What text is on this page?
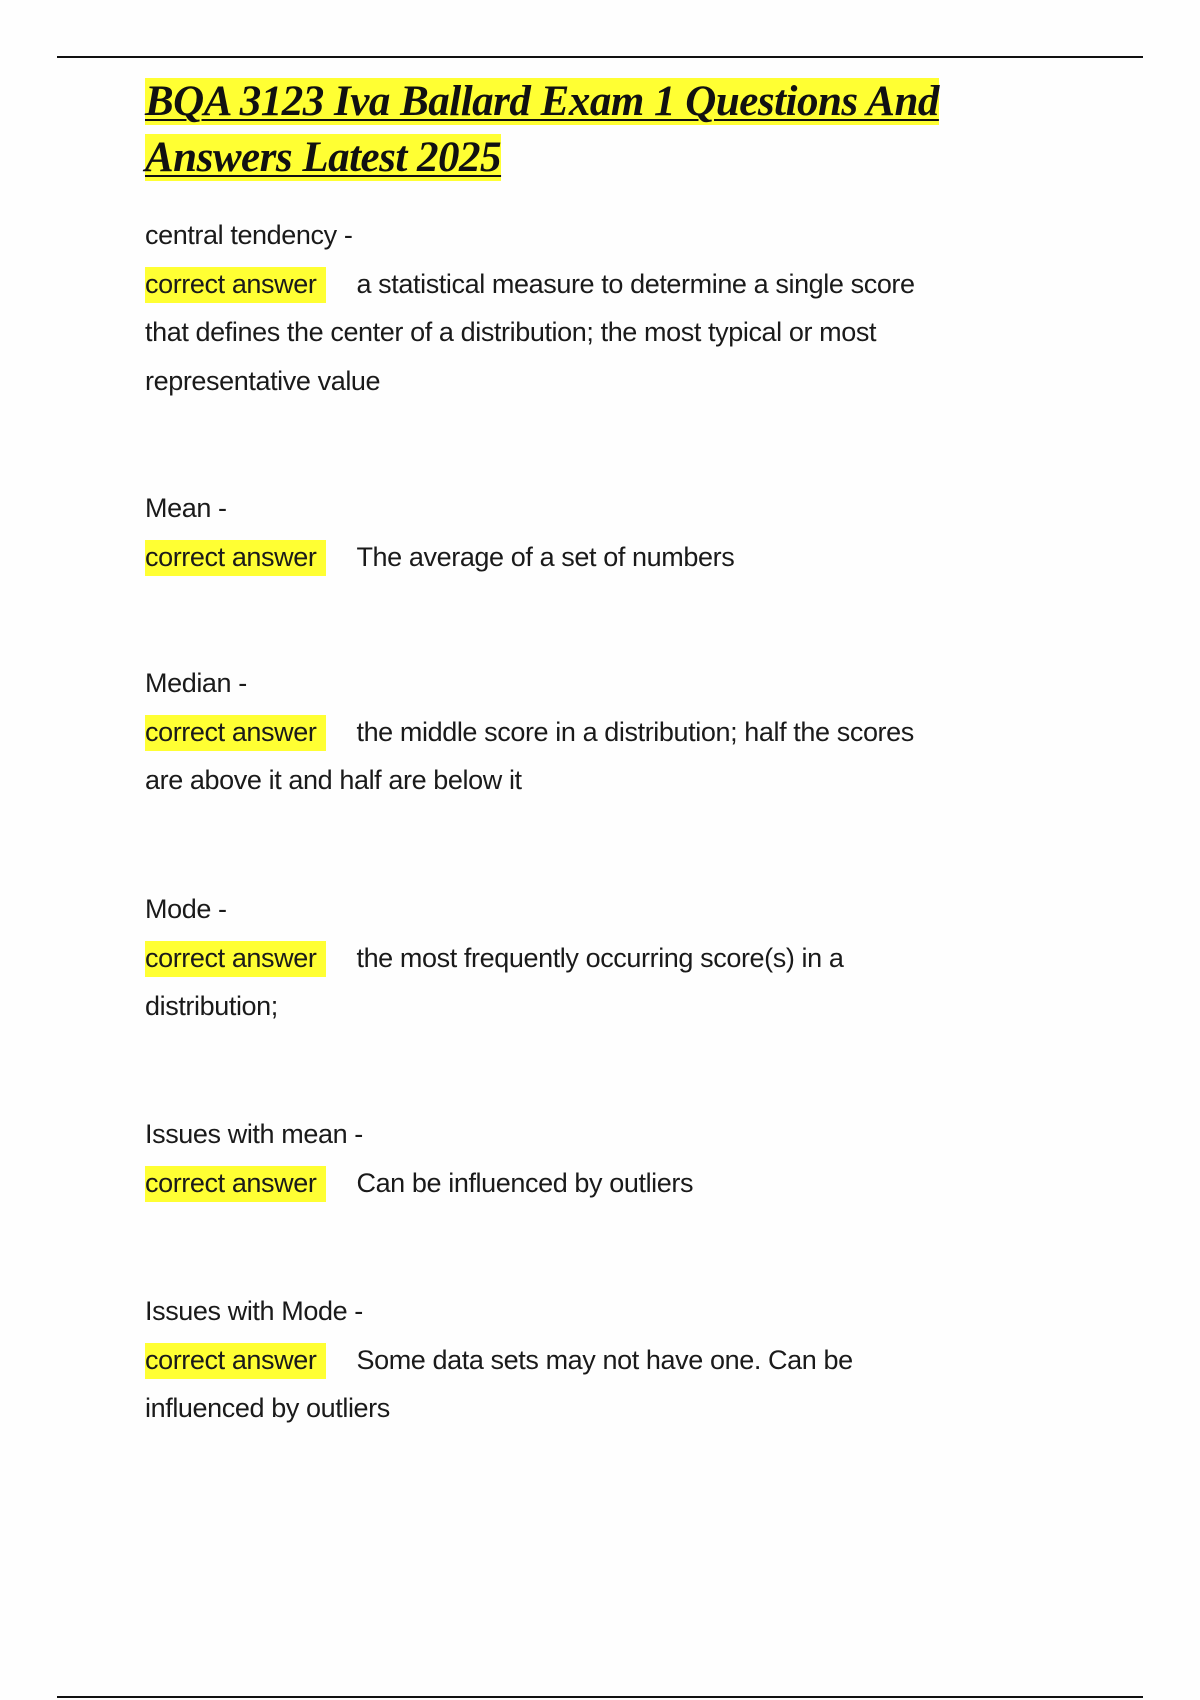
BQA 3123 Iva Ballard Exam 1 Questions And
Answers Latest 2025
central tendency -
correct answer a statistical measure to determine a single score
that defines the center of a distribution; the most typical or most
representative value
Mean -
correct answer The average of a set of numbers
Median -
correct answer the middle score in a distribution; half the scores
are above it and half are below it
Mode -
correct answer the most frequently occurring score(s) in a
distribution;
Issues with mean -
correct answer Can be influenced by outliers
Issues with Mode -
correct answer Some data sets may not have one. Can be
influenced by outliers
